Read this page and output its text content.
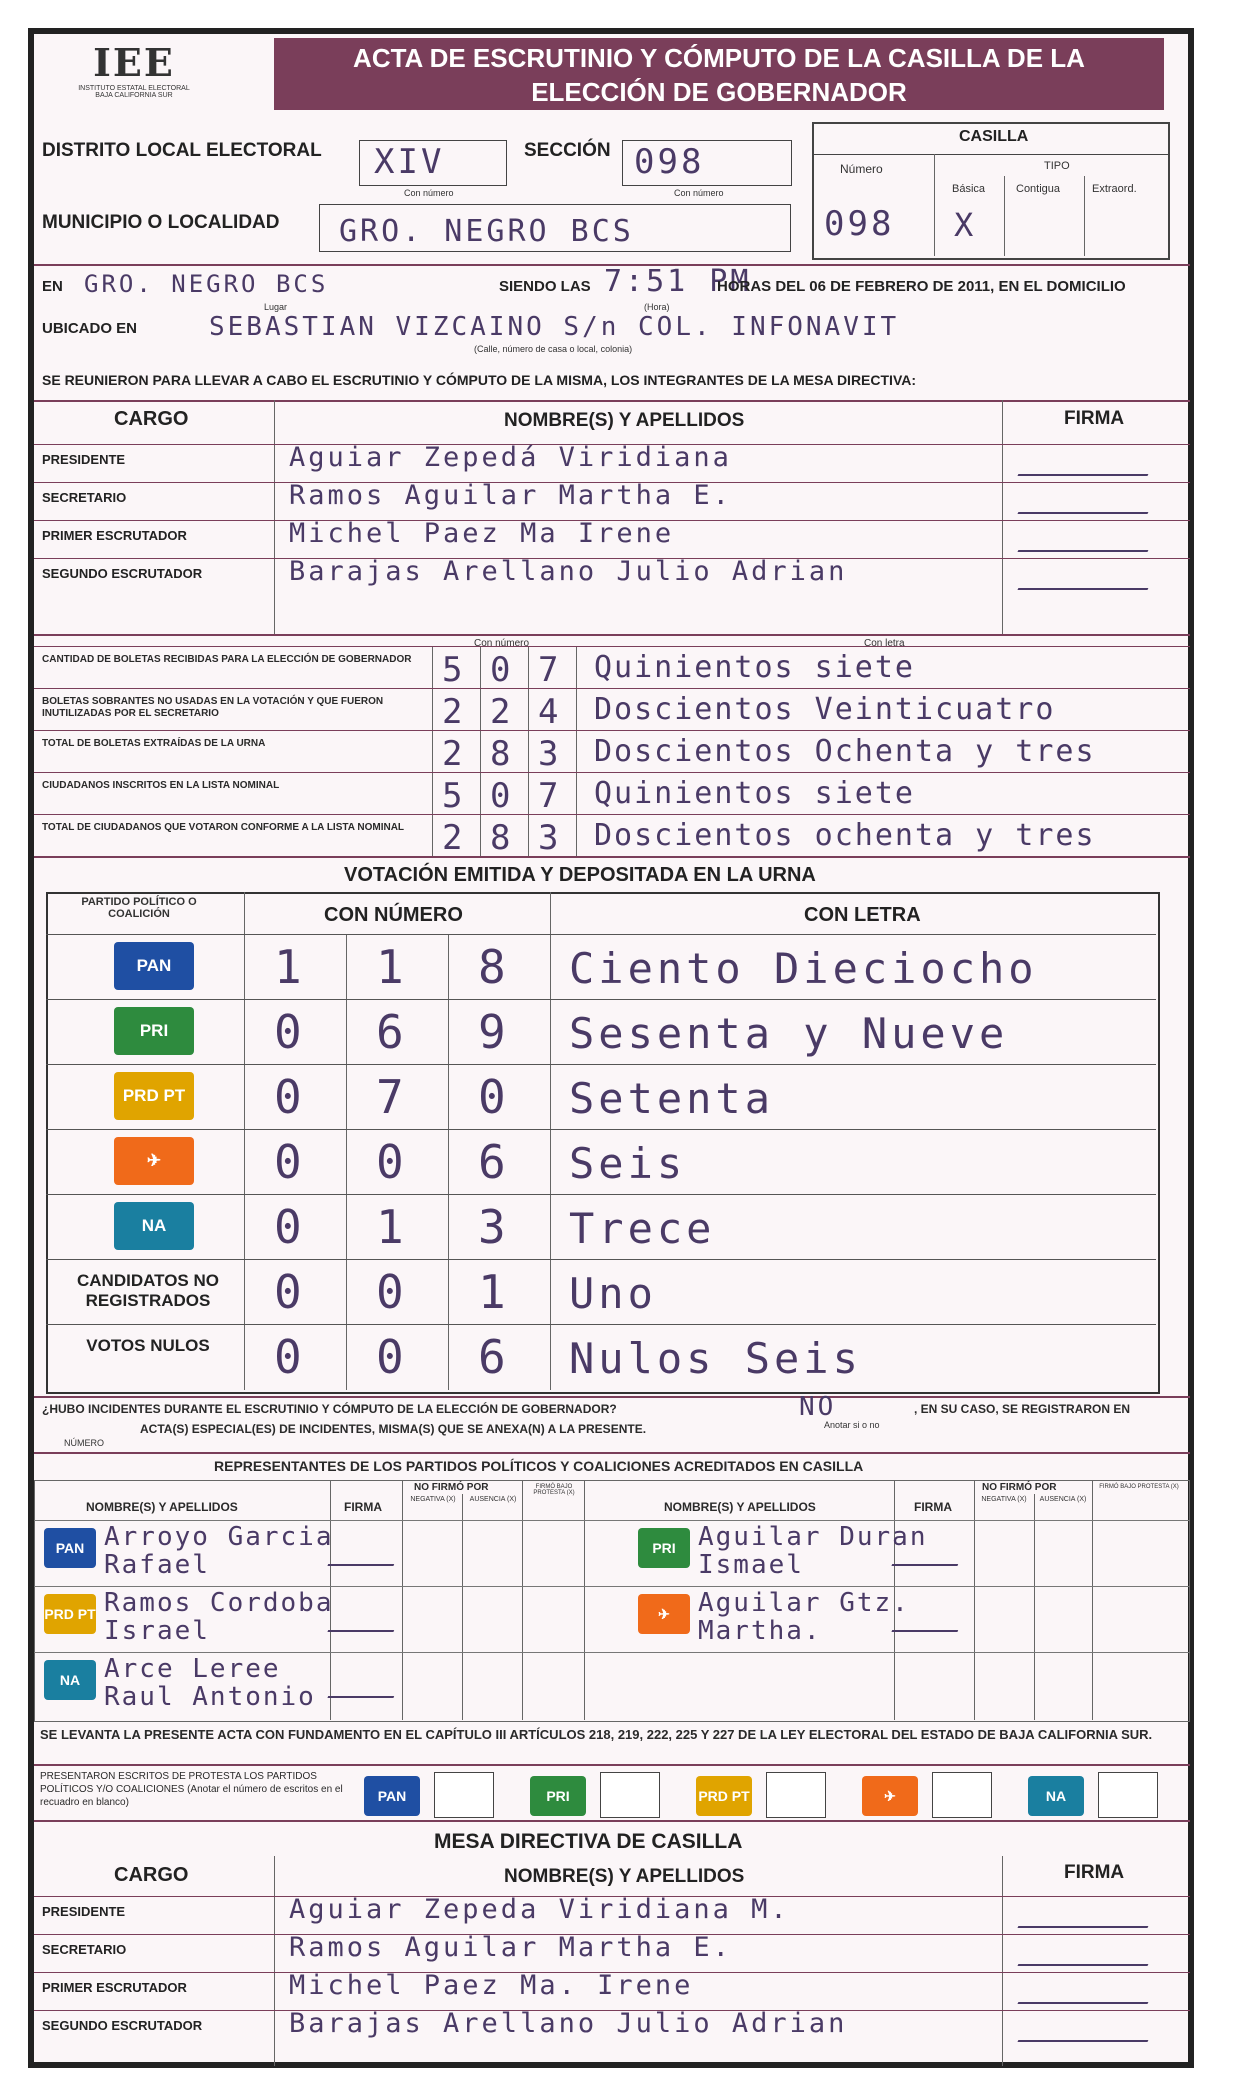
IEE
INSTITUTO ESTATAL ELECTORAL
BAJA CALIFORNIA SUR
ACTA DE ESCRUTINIO Y CÓMPUTO DE LA CASILLA DE LA
ELECCIÓN DE GOBERNADOR
DISTRITO LOCAL ELECTORAL XIV
Con número
SECCIÓN 098
Con número
MUNICIPIO O LOCALIDAD GRO. NEGRO BCS
CASILLA
Número	TIPO
Básica	Contigua	Extraord.
098 X
EN GRO. NEGRO BCS
Lugar
SIENDO LAS 7:51 PM
(Hora)
HORAS DEL 06 DE FEBRERO DE 2011, EN EL DOMICILIO
UBICADO EN	SEBASTIAN VIZCAINO S/n COL. INFONAVIT
(Calle, número de casa o local, colonia)
SE REUNIERON PARA LLEVAR A CABO EL ESCRUTINIO Y CÓMPUTO DE LA MISMA, LOS INTEGRANTES DE LA MESA DIRECTIVA:
CARGO	NOMBRE(S) Y APELLIDOS	FIRMA
Con número	Con letra
VOTACIÓN EMITIDA Y DEPOSITADA EN LA URNA
PARTIDO POLÍTICO O COALICIÓN	CON NÚMERO	CON LETRA
¿HUBO INCIDENTES DURANTE EL ESCRUTINIO Y CÓMPUTO DE LA ELECCIÓN DE GOBERNADOR?	NO
Anotar si o no
, EN SU CASO, SE REGISTRARON EN
ACTA(S) ESPECIAL(ES) DE INCIDENTES, MISMA(S) QUE SE ANEXA(N) A LA PRESENTE.
NÚMERO
REPRESENTANTES DE LOS PARTIDOS POLÍTICOS Y COALICIONES ACREDITADOS EN CASILLA
NOMBRE(S) Y APELLIDOS	FIRMA
NO FIRMÓ POR
NEGATIVA (X)	AUSENCIA (X)
FIRMÓ BAJO PROTESTA (X)
NOMBRE(S) Y APELLIDOS	FIRMA
NO FIRMÓ POR
NEGATIVA (X)	AUSENCIA (X)
FIRMÓ BAJO PROTESTA (X)
SE LEVANTA LA PRESENTE ACTA CON FUNDAMENTO EN EL CAPÍTULO III ARTÍCULOS 218, 219, 222, 225 Y 227 DE LA LEY ELECTORAL DEL ESTADO DE BAJA CALIFORNIA SUR.
PRESENTARON ESCRITOS DE PROTESTA LOS PARTIDOS POLÍTICOS Y/O COALICIONES (Anotar el número de escritos en el recuadro en blanco)
MESA DIRECTIVA DE CASILLA
CARGO	NOMBRE(S) Y APELLIDOS	FIRMA
PRESIDENTE	Aguiar Zepedá Viridiana
SECRETARIO	Ramos Aguilar Martha E.
PRIMER ESCRUTADOR	Michel Paez Ma Irene
SEGUNDO ESCRUTADOR	Barajas Arellano Julio Adrian
PRESIDENTE	Aguiar Zepeda Viridiana M.
SECRETARIO	Ramos Aguilar Martha E.
PRIMER ESCRUTADOR	Michel Paez Ma. Irene
SEGUNDO ESCRUTADOR	Barajas Arellano Julio Adrian
CANTIDAD DE BOLETAS RECIBIDAS PARA LA ELECCIÓN DE GOBERNADOR 5 0 7 Quinientos siete
BOLETAS SOBRANTES NO USADAS EN LA VOTACIÓN Y QUE FUERON INUTILIZADAS POR EL SECRETARIO	2 2 4 Doscientos Veinticuatro
TOTAL DE BOLETAS EXTRAÍDAS DE LA URNA	2 8 3 Doscientos Ochenta y tres
CIUDADANOS INSCRITOS EN LA LISTA NOMINAL	5 0 7 Quinientos siete
TOTAL DE CIUDADANOS QUE VOTARON CONFORME A LA LISTA NOMINAL	2 8 3 Doscientos ochenta y tres
PAN	1 1 8 Ciento Dieciocho
PRI	0 6 9 Sesenta y Nueve
PRD PT 0 7 0 Setenta
✈	0 0 6 Seis
NA	0 1 3 Trece
CANDIDATOS NO REGISTRADOS	0 0 1 Uno
VOTOS NULOS	0 0 6 Nulos Seis
PAN Arroyo Garcia
Rafael
PRD PT Ramos Cordoba
Israel
NA Arce Leree
Raul Antonio
PRI Aguilar Duran
Ismael
✈	Aguilar Gtz.
Martha.
PAN	PRI	PRD PT	✈	NA
